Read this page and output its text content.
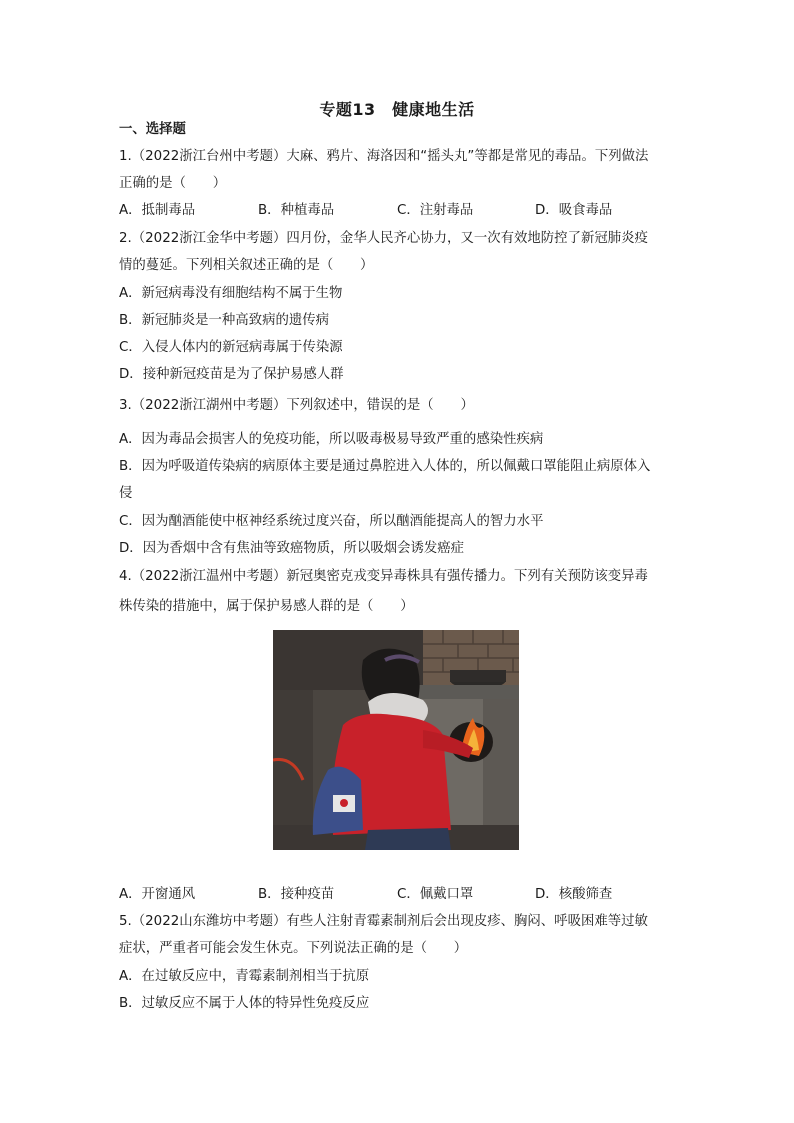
专题13　健康地生活
一、选择题
1.（2022浙江台州中考题）大麻、鸦片、海洛因和“摇头丸”等都是常见的毒品。下列做法
正确的是（　　）
A．抵制毒品	B．种植毒品	C．注射毒品	D．吸食毒品
2.（2022浙江金华中考题）四月份，金华人民齐心协力，又一次有效地防控了新冠肺炎疫
情的蔓延。下列相关叙述正确的是（　　）
A．新冠病毒没有细胞结构不属于生物
B．新冠肺炎是一种高致病的遗传病
C．入侵人体内的新冠病毒属于传染源
D．接种新冠疫苗是为了保护易感人群
3.（2022浙江湖州中考题）下列叙述中，错误的是（　　）
A．因为毒品会损害人的免疫功能，所以吸毒极易导致严重的感染性疾病
B．因为呼吸道传染病的病原体主要是通过鼻腔进入人体的，所以佩戴口罩能阻止病原体入
侵
C．因为酗酒能使中枢神经系统过度兴奋，所以酗酒能提高人的智力水平
D．因为香烟中含有焦油等致癌物质，所以吸烟会诱发癌症
4.（2022浙江温州中考题）新冠奥密克戎变异毒株具有强传播力。下列有关预防该变异毒
株传染的措施中，属于保护易感人群的是（　　）
A．开窗通风	B．接种疫苗	C．佩戴口罩	D．核酸筛查
5.（2022山东潍坊中考题）有些人注射青霉素制剂后会出现皮疹、胸闷、呼吸困难等过敏
症状，严重者可能会发生休克。下列说法正确的是（　　）
A．在过敏反应中，青霉素制剂相当于抗原
B．过敏反应不属于人体的特异性免疫反应
